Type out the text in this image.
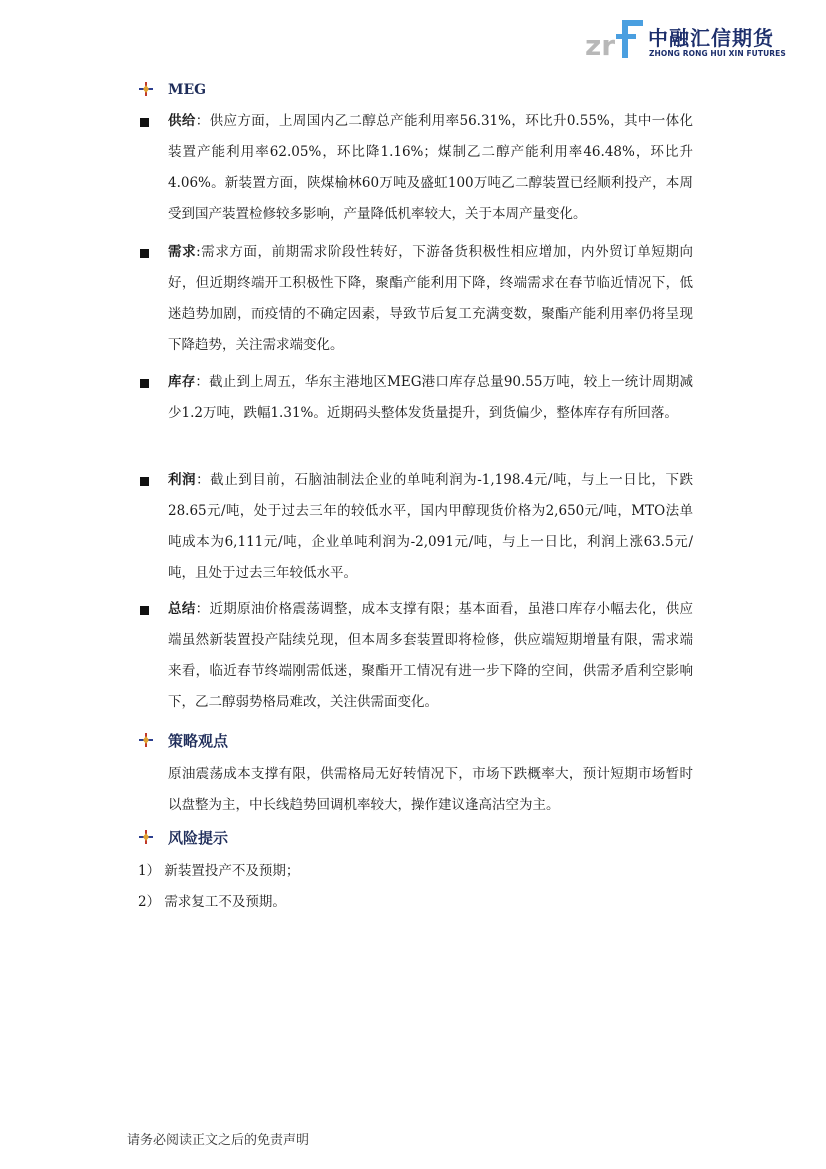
zr 中融汇信期货
ZHONG RONG HUI XIN FUTURES
MEG
供给：供应方面，上周国内乙二醇总产能利用率56.31%，环比升0.55%，其中一体化装置产能利用率62.05%，环比降1.16%；煤制乙二醇产能利用率46.48%，环比升4.06%。新装置方面，陕煤榆林60万吨及盛虹100万吨乙二醇装置已经顺利投产，本周受到国产装置检修较多影响，产量降低机率较大，关于本周产量变化。
需求:需求方面，前期需求阶段性转好，下游备货积极性相应增加，内外贸订单短期向好，但近期终端开工积极性下降，聚酯产能利用下降，终端需求在春节临近情况下，低迷趋势加剧，而疫情的不确定因素，导致节后复工充满变数，聚酯产能利用率仍将呈现下降趋势，关注需求端变化。
库存：截止到上周五，华东主港地区MEG港口库存总量90.55万吨，较上一统计周期减少1.2万吨，跌幅1.31%。近期码头整体发货量提升，到货偏少，整体库存有所回落。
利润：截止到目前，石脑油制法企业的单吨利润为-1,198.4元/吨，与上一日比，下跌28.65元/吨，处于过去三年的较低水平，国内甲醇现货价格为2,650元/吨，MTO法单吨成本为6,111元/吨，企业单吨利润为-2,091元/吨，与上一日比，利润上涨63.5元/吨，且处于过去三年较低水平。
总结：近期原油价格震荡调整，成本支撑有限；基本面看，虽港口库存小幅去化，供应端虽然新装置投产陆续兑现，但本周多套装置即将检修，供应端短期增量有限，需求端来看，临近春节终端刚需低迷，聚酯开工情况有进一步下降的空间，供需矛盾利空影响下，乙二醇弱势格局难改，关注供需面变化。
策略观点
原油震荡成本支撑有限，供需格局无好转情况下，市场下跌概率大，预计短期市场暂时以盘整为主，中长线趋势回调机率较大，操作建议逢高沽空为主。
风险提示
1） 新装置投产不及预期；
2） 需求复工不及预期。
请务必阅读正文之后的免责声明
